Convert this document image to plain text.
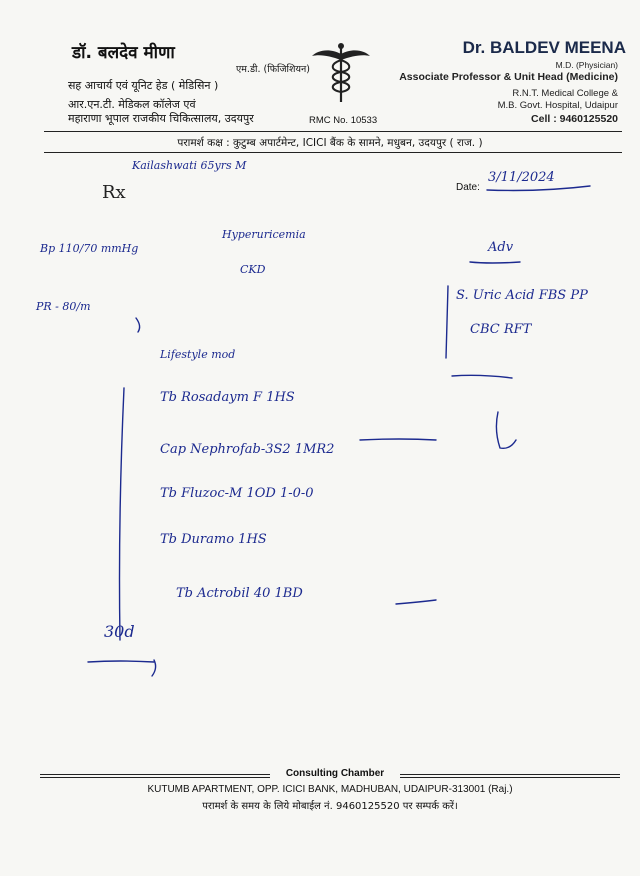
डॉ. बलदेव मीणा
एम.डी. (फिजिशियन)
सह आचार्य एवं यूनिट हेड ( मेडिसिन )
आर.एन.टी. मेडिकल कॉलेज एवं
महाराणा भूपाल राजकीय चिकित्सालय, उदयपुर	RMC No. 10533
Dr. BALDEV MEENA
M.D. (Physician)
Associate Professor & Unit Head (Medicine)
R.N.T. Medical College &
M.B. Govt. Hospital, Udaipur
Cell : 9460125520
परामर्श कक्ष : कुटुम्ब अपार्टमेन्ट, ICICI बैंक के सामने, मधुबन, उदयपुर ( राज. )
Kailashwati 65yrs M
Date:
3/11/2024
Rx
Bp 110/70 mmHg
PR - 80/m
Hyperuricemia
CKD
Adv
S. Uric Acid FBS PP
CBC RFT
Lifestyle mod
Tb Rosadaym F 1HS
Cap Nephrofab-3S2 1MR2
Tb Fluzoc-M 1OD 1-0-0
Tb Duramo 1HS
Tb Actrobil 40 1BD
30d
Consulting Chamber
KUTUMB APARTMENT, OPP. ICICI BANK, MADHUBAN, UDAIPUR-313001 (Raj.)
परामर्श के समय के लिये मोबाईल नं. 9460125520 पर सम्पर्क करें।
